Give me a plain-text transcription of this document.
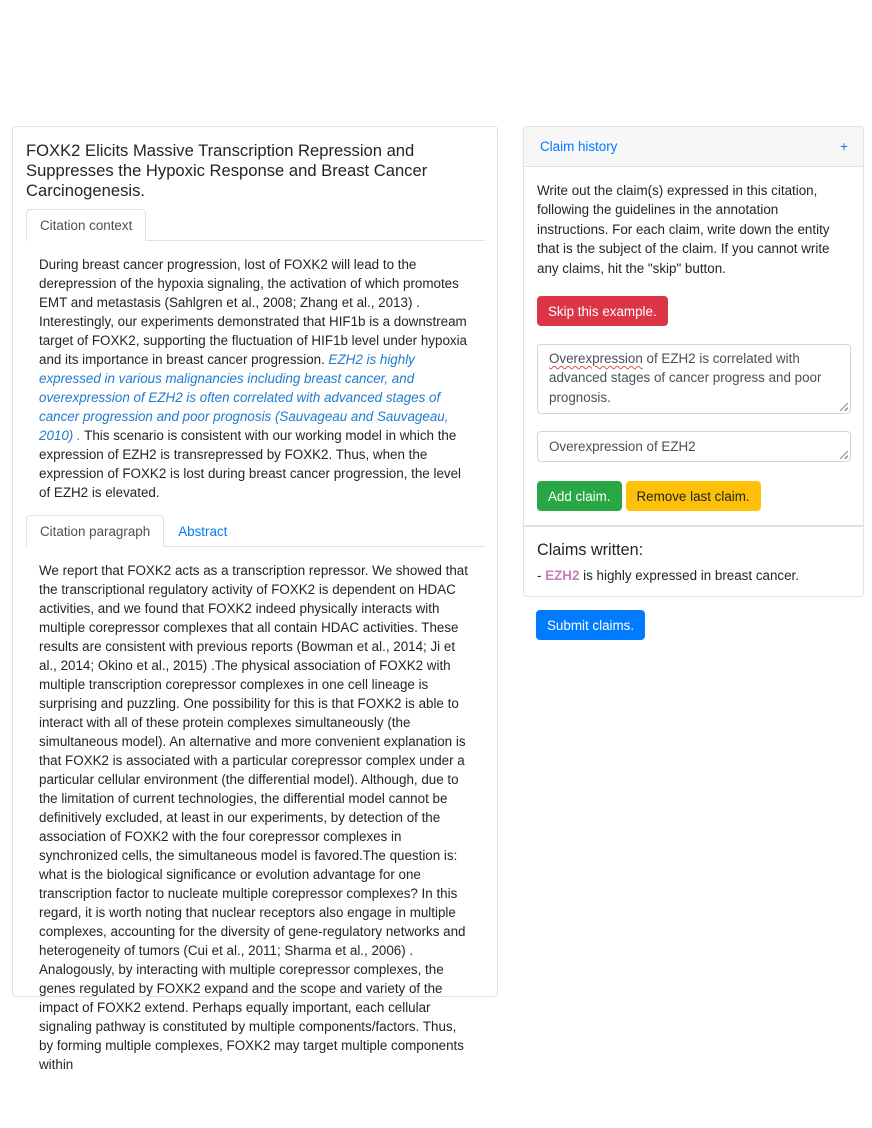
FOXK2 Elicits Massive Transcription Repression and Suppresses the Hypoxic Response and Breast Cancer Carcinogenesis.
Citation context

During breast cancer progression, lost of FOXK2 will lead to the derepression of the hypoxia signaling, the activation of which promotes EMT and metastasis (Sahlgren et al., 2008; Zhang et al., 2013) . Interestingly, our experiments demonstrated that HIF1b is a downstream target of FOXK2, supporting the fluctuation of HIF1b level under hypoxia and its importance in breast cancer progression. EZH2 is highly expressed in various malignancies including breast cancer, and overexpression of EZH2 is often correlated with advanced stages of cancer progression and poor prognosis (Sauvageau and Sauvageau, 2010) . This scenario is consistent with our working model in which the expression of EZH2 is transrepressed by FOXK2. Thus, when the expression of FOXK2 is lost during breast cancer progression, the level of EZH2 is elevated.

Citation paragraph	Abstract

We report that FOXK2 acts as a transcription repressor. We showed that the transcriptional regulatory activity of FOXK2 is dependent on HDAC activities, and we found that FOXK2 indeed physically interacts with multiple corepressor complexes that all contain HDAC activities. These results are consistent with previous reports (Bowman et al., 2014; Ji et al., 2014; Okino et al., 2015) .The physical association of FOXK2 with multiple transcription corepressor complexes in one cell lineage is surprising and puzzling. One possibility for this is that FOXK2 is able to interact with all of these protein complexes simultaneously (the simultaneous model). An alternative and more convenient explanation is that FOXK2 is associated with a particular corepressor complex under a particular cellular environment (the differential model). Although, due to the limitation of current technologies, the differential model cannot be definitively excluded, at least in our experiments, by detection of the association of FOXK2 with the four corepressor complexes in synchronized cells, the simultaneous model is favored.The question is: what is the biological significance or evolution advantage for one transcription factor to nucleate multiple corepressor complexes? In this regard, it is worth noting that nuclear receptors also engage in multiple complexes, accounting for the diversity of gene-regulatory networks and heterogeneity of tumors (Cui et al., 2011; Sharma et al., 2006) . Analogously, by interacting with multiple corepressor complexes, the genes regulated by FOXK2 expand and the scope and variety of the impact of FOXK2 extend. Perhaps equally important, each cellular signaling pathway is constituted by multiple components/factors. Thus, by forming multiple complexes, FOXK2 may target multiple components within

Claim history	+

Write out the claim(s) expressed in this citation, following the guidelines in the annotation instructions. For each claim, write down the entity that is the subject of the claim. If you cannot write any claims, hit the "skip" button.

Skip this example.
Overexpression of EZH2 is correlated with advanced stages of cancer progress and poor prognosis.
Overexpression of EZH2
Add claim.	Remove last claim.
Claims written:
- EZH2 is highly expressed in breast cancer.
Submit claims.
